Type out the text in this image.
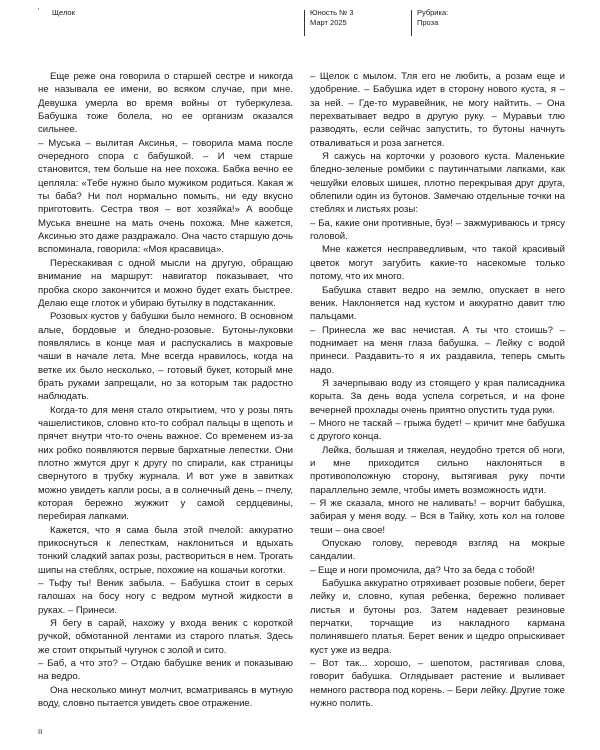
' Щелок	Юность № 3
Март 2025
Рубрика:
Проза

Еще реже она говорила о старшей сестре и никогда не называла ее имени, во всяком случае, при мне. Девушка умерла во время войны от туберкулеза. Бабушка тоже болела, но ее организм оказался сильнее.

– Муська – вылитая Аксинья, – говорила мама после очередного спора с бабушкой. – И чем старше становится, тем больше на нее похожа. Бабка вечно ее цепляла: «Тебе нужно было мужиком родиться. Какая ж ты баба? Ни пол нормально помыть, ни еду вкусно приготовить. Сестра твоя – вот хозяйка!» А вообще Муська внешне на мать очень похожа. Мне кажется, Аксинью это даже раздражало. Она часто старшую дочь вспоминала, говорила: «Моя красавица».

Перескакивая с одной мысли на другую, обращаю внимание на маршрут: навигатор показывает, что пробка скоро закончится и можно будет ехать быстрее. Делаю еще глоток и убираю бутылку в подстаканник.

Розовых кустов у бабушки было немного. В основном алые, бордовые и бледно-розовые. Бутоны-луковки появлялись в конце мая и распускались в махровые чаши в начале лета. Мне всегда нравилось, когда на ветке их было несколько, – готовый букет, который мне брать руками запрещали, но за которым так радостно наблюдать.

Когда-то для меня стало открытием, что у розы пять чашелистиков, словно кто-то собрал пальцы в щепоть и прячет внутри что-то очень важное. Со временем из-за них робко появляются первые бархатные лепестки. Они плотно жмутся друг к другу по спирали, как страницы свернутого в трубку журнала. И вот уже в завитках можно увидеть капли росы, а в солнечный день – пчелу, которая бережно жужжит у самой сердцевины, перебирая лапками.

Кажется, что я сама была этой пчелой: аккуратно прикоснуться к лепесткам, наклониться и вдыхать тонкий сладкий запах розы, раствориться в нем. Трогать шипы на стеблях, острые, похожие на кошачьи коготки.

– Тьфу ты! Веник забыла. – Бабушка стоит в серых галошах на босу ногу с ведром мутной жидкости в руках. – Принеси.

Я бегу в сарай, нахожу у входа веник с короткой ручкой, обмотанной лентами из старого платья. Здесь же стоит открытый чугунок с золой и сито.

– Баб, а что это? – Отдаю бабушке веник и показываю на ведро.

Она несколько минут молчит, всматриваясь в мутную воду, словно пытается увидеть свое отражение.

– Щелок с мылом. Тля его не любить, а розам еще и удобрение. – Бабушка идет в сторону нового куста, я – за ней. – Где-то муравейник, не могу найтить. – Она перехватывает ведро в другую руку. – Муравьи тлю разводять, если сейчас запустить, то бутоны начнуть отваливаться и роза загнется.

Я сажусь на корточки у розового куста. Маленькие бледно-зеленые ромбики с паутинчатыми лапками, как чешуйки еловых шишек, плотно перекрывая друг друга, облепили один из бутонов. Замечаю отдельные точки на стеблях и листьях розы:

– Ба, какие они противные, буэ! – зажмуриваюсь и трясу головой.

Мне кажется несправедливым, что такой красивый цветок могут загубить какие-то насекомые только потому, что их много.

Бабушка ставит ведро на землю, опускает в него веник. Наклоняется над кустом и аккуратно давит тлю пальцами.

– Принесла же вас нечистая. А ты что стоишь? – поднимает на меня глаза бабушка. – Лейку с водой принеси. Раздавить-то я их раздавила, теперь смыть надо.

Я зачерпываю воду из стоящего у края палисадника корыта. За день вода успела согреться, и на фоне вечерней прохлады очень приятно опустить туда руки.

– Много не таскай – грыжа будет! – кричит мне бабушка с другого конца.

Лейка, большая и тяжелая, неудобно трется об ноги, и мне приходится сильно наклоняться в противоположную сторону, вытягивая руку почти параллельно земле, чтобы иметь возможность идти.

– Я же сказала, много не наливать! – ворчит бабушка, забирая у меня воду. – Вся в Тайку, хоть кол на голове теши – она свое!

Опускаю голову, переводя взгляд на мокрые сандалии.

– Еще и ноги промочила, да? Что за беда с тобой!

Бабушка аккуратно отряхивает розовые побеги, берет лейку и, словно, купая ребенка, бережно поливает листья и бутоны роз. Затем надевает резиновые перчатки, торчащие из накладного кармана полинявшего платья. Берет веник и щедро опрыскивает куст уже из ведра.

– Вот так... хорошо, – шепотом, растягивая слова, говорит бабушка. Оглядывает растение и выливает немного раствора под корень. – Бери лейку. Другие тоже нужно полить.

II
